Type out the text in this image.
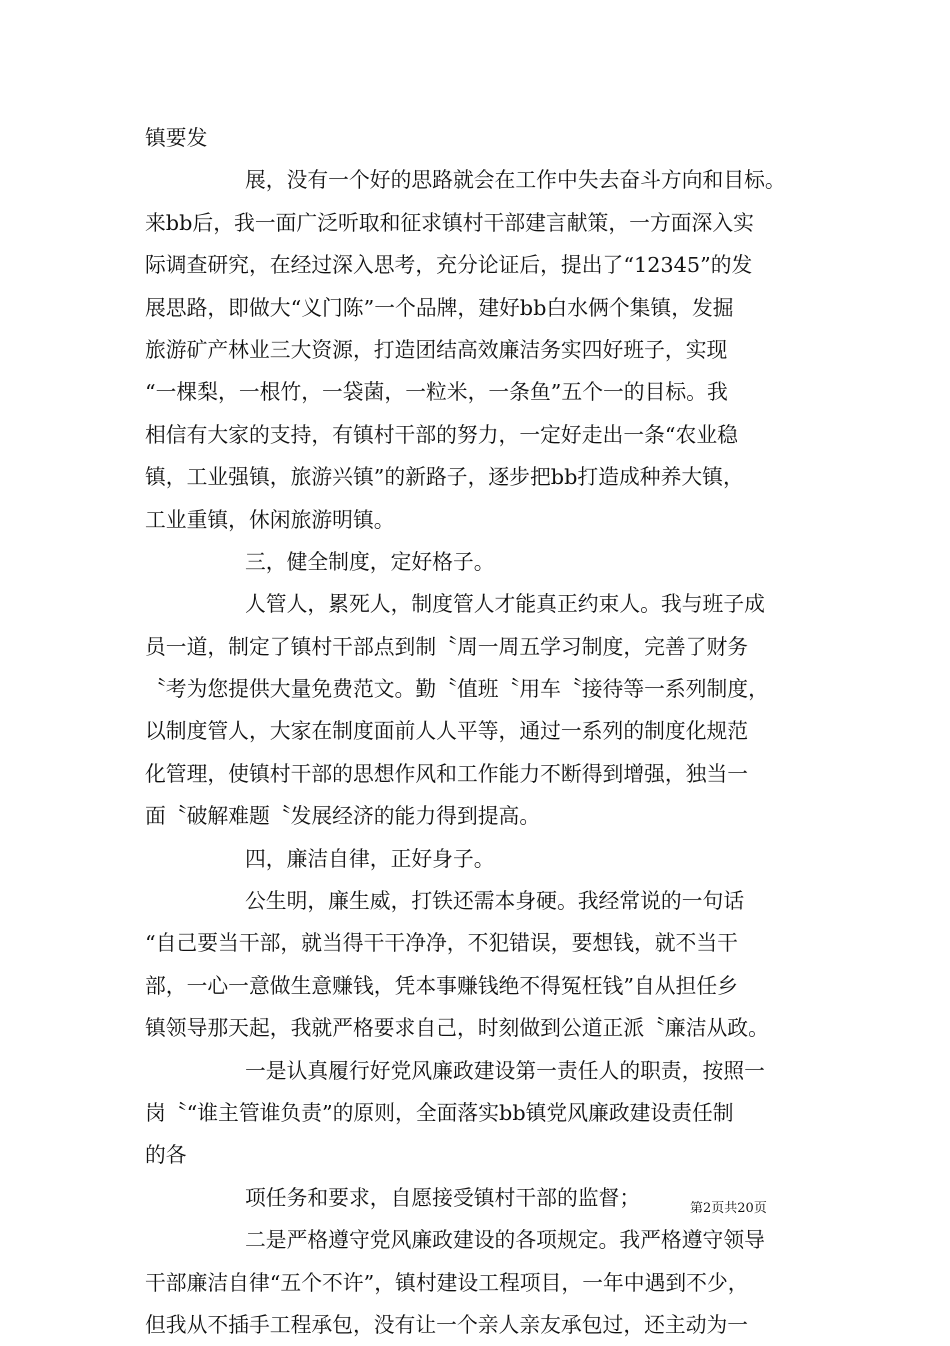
镇要发
展，没有一个好的思路就会在工作中失去奋斗方向和目标。
来bb后，我一面广泛听取和征求镇村干部建言献策，一方面深入实
际调查研究，在经过深入思考，充分论证后，提出了“12345”的发
展思路，即做大“义门陈”一个品牌，建好bb白水俩个集镇，发掘
旅游矿产林业三大资源，打造团结高效廉洁务实四好班子，实现
“一棵梨，一根竹，一袋菌，一粒米，一条鱼”五个一的目标。我
相信有大家的支持，有镇村干部的努力，一定好走出一条“农业稳
镇，工业强镇，旅游兴镇”的新路子，逐步把bb打造成种养大镇，
工业重镇，休闲旅游明镇。
三，健全制度，定好格子。
人管人，累死人，制度管人才能真正约束人。我与班子成
员一道，制定了镇村干部点到制〝周一周五学习制度，完善了财务
〝考为您提供大量免费范文。勤〝值班〝用车〝接待等一系列制度，
以制度管人，大家在制度面前人人平等，通过一系列的制度化规范
化管理，使镇村干部的思想作风和工作能力不断得到增强，独当一
面〝破解难题〝发展经济的能力得到提高。
四，廉洁自律，正好身子。
公生明，廉生威，打铁还需本身硬。我经常说的一句话
“自己要当干部，就当得干干净净，不犯错误，要想钱，就不当干
部，一心一意做生意赚钱，凭本事赚钱绝不得冤枉钱”自从担任乡
镇领导那天起，我就严格要求自己，时刻做到公道正派〝廉洁从政。
一是认真履行好党风廉政建设第一责任人的职责，按照一
岗〝“谁主管谁负责”的原则，全面落实bb镇党风廉政建设责任制
的各
项任务和要求，自愿接受镇村干部的监督；
二是严格遵守党风廉政建设的各项规定。我严格遵守领导
干部廉洁自律“五个不许”，镇村建设工程项目，一年中遇到不少，
但我从不插手工程承包，没有让一个亲人亲友承包过，还主动为一
第2页共20页
